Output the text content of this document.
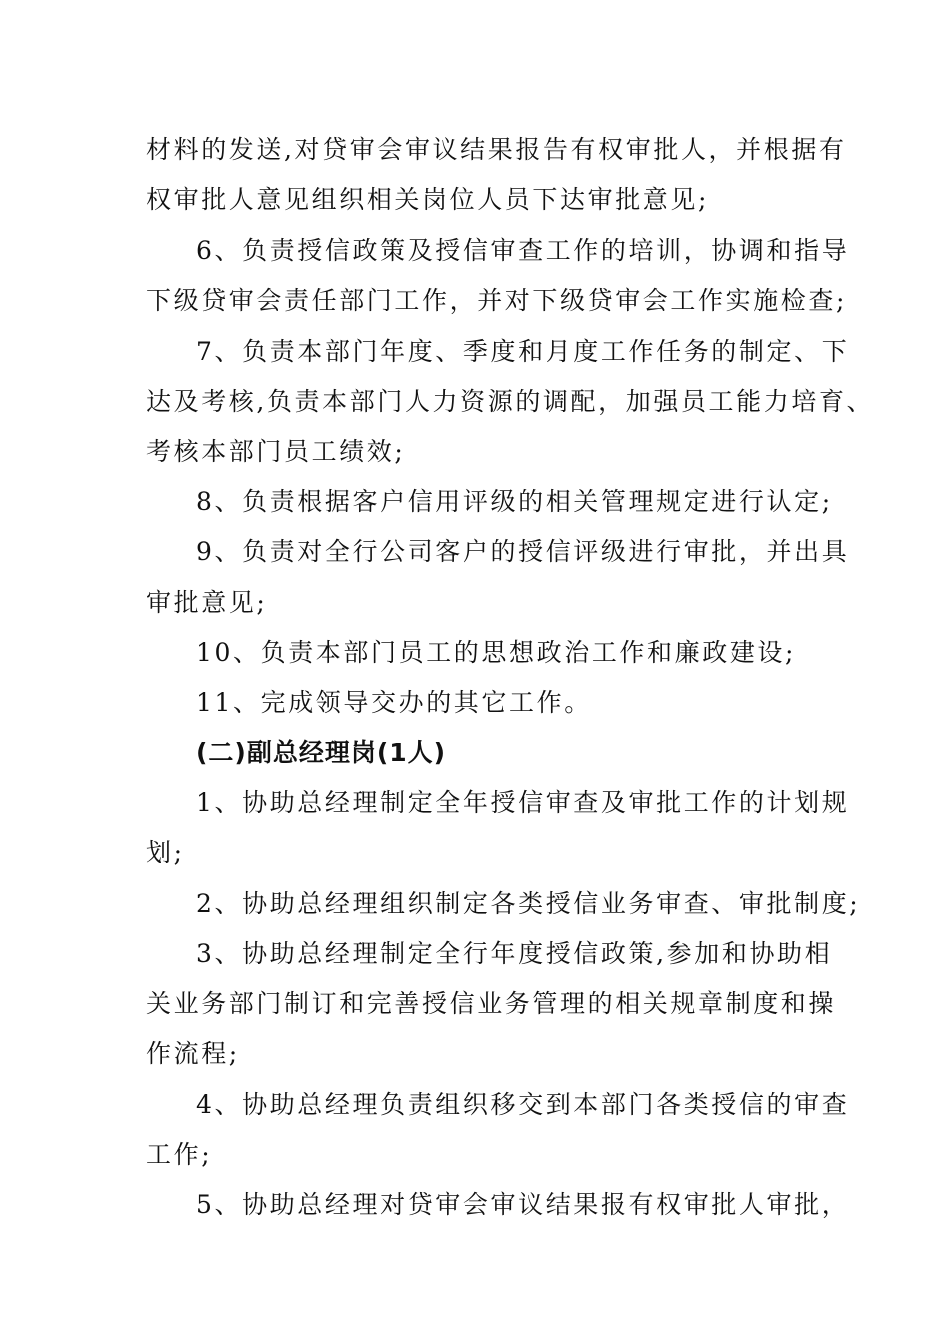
材料的发送,对贷审会审议结果报告有权审批人，并根据有
权审批人意见组织相关岗位人员下达审批意见;
6、负责授信政策及授信审查工作的培训，协调和指导
下级贷审会责任部门工作，并对下级贷审会工作实施检查;
7、负责本部门年度、季度和月度工作任务的制定、下
达及考核,负责本部门人力资源的调配，加强员工能力培育、
考核本部门员工绩效;
8、负责根据客户信用评级的相关管理规定进行认定;
9、负责对全行公司客户的授信评级进行审批，并出具
审批意见;
10、负责本部门员工的思想政治工作和廉政建设;
11、完成领导交办的其它工作。
(二)副总经理岗(1人)
1、协助总经理制定全年授信审查及审批工作的计划规
划;
2、协助总经理组织制定各类授信业务审查、审批制度;
3、协助总经理制定全行年度授信政策,参加和协助相
关业务部门制订和完善授信业务管理的相关规章制度和操
作流程;
4、协助总经理负责组织移交到本部门各类授信的审查
工作;
5、协助总经理对贷审会审议结果报有权审批人审批，
